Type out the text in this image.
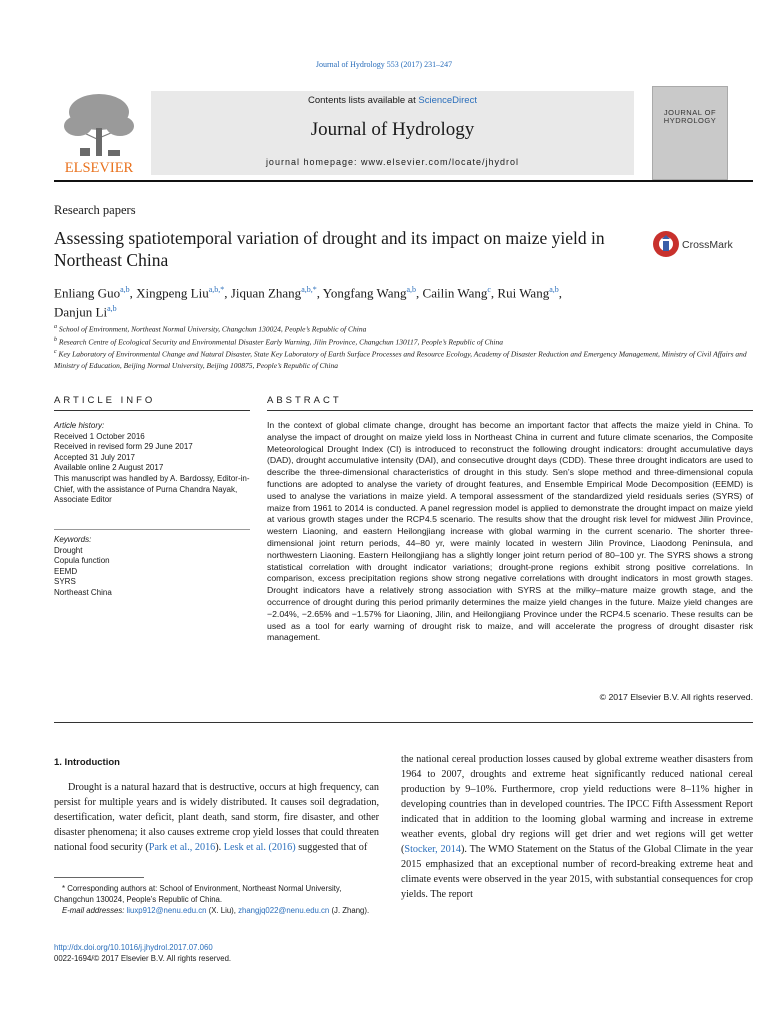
Journal of Hydrology 553 (2017) 231–247
ELSEVIER
Contents lists available at ScienceDirect
Journal of Hydrology
journal homepage: www.elsevier.com/locate/jhydrol
JOURNAL OF HYDROLOGY
Research papers
Assessing spatiotemporal variation of drought and its impact on maize yield in Northeast China
CrossMark
Enliang Guo$^{a,b}$, Xingpeng Liu$^{a,b,*}$, Jiquan Zhang$^{a,b,*}$, Yongfang Wang$^{a,b}$, Cailin Wang$^c$, Rui Wang$^{a,b}$,
Danjun Li$^{a,b}$
$^a$ School of Environment, Northeast Normal University, Changchun 130024, People’s Republic of China
$^b$ Research Centre of Ecological Security and Environmental Disaster Early Warning, Jilin Province, Changchun 130117, People’s Republic of China
$^c$ Key Laboratory of Environmental Change and Natural Disaster, State Key Laboratory of Earth Surface Processes and Resource Ecology, Academy of Disaster Reduction and Emergency Management, Ministry of Civil Affairs and Ministry of Education, Beijing Normal University, Beijing 100875, People’s Republic of China
ARTICLE INFO	ABSTRACT
Article history:
Received 1 October 2016
Received in revised form 29 June 2017
Accepted 31 July 2017
Available online 2 August 2017
This manuscript was handled by A. Bardossy, Editor-in-Chief, with the assistance of Purna Chandra Nayak, Associate Editor
Keywords:
Drought
Copula function
EEMD
SYRS
Northeast China
In the context of global climate change, drought has become an important factor that affects the maize yield in China. To analyse the impact of drought on maize yield loss in Northeast China in current and future climate scenarios, the Composite Meteorological Drought Index (CI) is introduced to reconstruct the following drought indicators: drought accumulative days (DAD), drought accumulative intensity (DAI), and consecutive drought days (CDD). These three drought indicators are used to describe the three-dimensional characteristics of drought in this study. Sen’s slope method and three-dimensional copula functions are adopted to analyse the variety of drought features, and Ensemble Empirical Mode Decomposition (EEMD) is used to analyse the variations in maize yield. A temporal assessment of the standardized yield residuals series (SYRS) of maize from 1961 to 2014 is conducted. A panel regression model is applied to demonstrate the drought impact on maize yield at various growth stages under the RCP4.5 scenario. The results show that the drought risk level for midwest Jilin Province, western Liaoning, and eastern Heilongjiang increase with global warming in the current scenario. The shorter three-dimensional joint return periods, 44–80 yr, were mainly located in western Jilin Province, Liaodong Peninsula, and northwestern Liaoning. Eastern Heilongjiang has a slightly longer joint return period of 80–100 yr. The SYRS shows a strong statistical correlation with drought indicator variations; drought-prone regions exhibit strong positive correlations. In comparison, excess precipitation regions show strong negative correlations with drought indicators in most growth stages. Drought indicators have a relatively strong association with SYRS at the milky–mature maize growth stage, and the occurrence of drought during this period primarily determines the maize yield changes in the future. Maize yield changes are −2.04%, −2.65% and −1.57% for Liaoning, Jilin, and Heilongjiang Province under the RCP4.5 scenario. These results can be used as a tool for early warning of drought risk to maize, and will accelerate the progress of drought disaster risk management.
© 2017 Elsevier B.V. All rights reserved.
1. Introduction
Drought is a natural hazard that is destructive, occurs at high frequency, can persist for multiple years and is widely distributed. It causes soil degradation, desertification, water deficit, plant death, sand storm, fire disaster, and other disaster phenomena; it also causes extreme crop yield losses that could threaten national food security (Park et al., 2016). Lesk et al. (2016) suggested that of
the national cereal production losses caused by global extreme weather disasters from 1964 to 2007, droughts and extreme heat significantly reduced national cereal production by 9–10%. Furthermore, crop yield reductions were 8–11% higher in developing countries than in developed countries. The IPCC Fifth Assessment Report indicated that in addition to the looming global warming and increase in extreme weather events, global dry regions will get drier and wet regions will get wetter (Stocker, 2014). The WMO Statement on the Status of the Global Climate in the year 2015 emphasized that an exceptional number of record-breaking extreme heat and climate events were observed in the year 2015, with substantial consequences for crop yields. The report
* Corresponding authors at: School of Environment, Northeast Normal University, Changchun 130024, People’s Republic of China.
E-mail addresses: liuxp912@nenu.edu.cn (X. Liu), zhangjq022@nenu.edu.cn (J. Zhang).
http://dx.doi.org/10.1016/j.jhydrol.2017.07.060
0022-1694/© 2017 Elsevier B.V. All rights reserved.
